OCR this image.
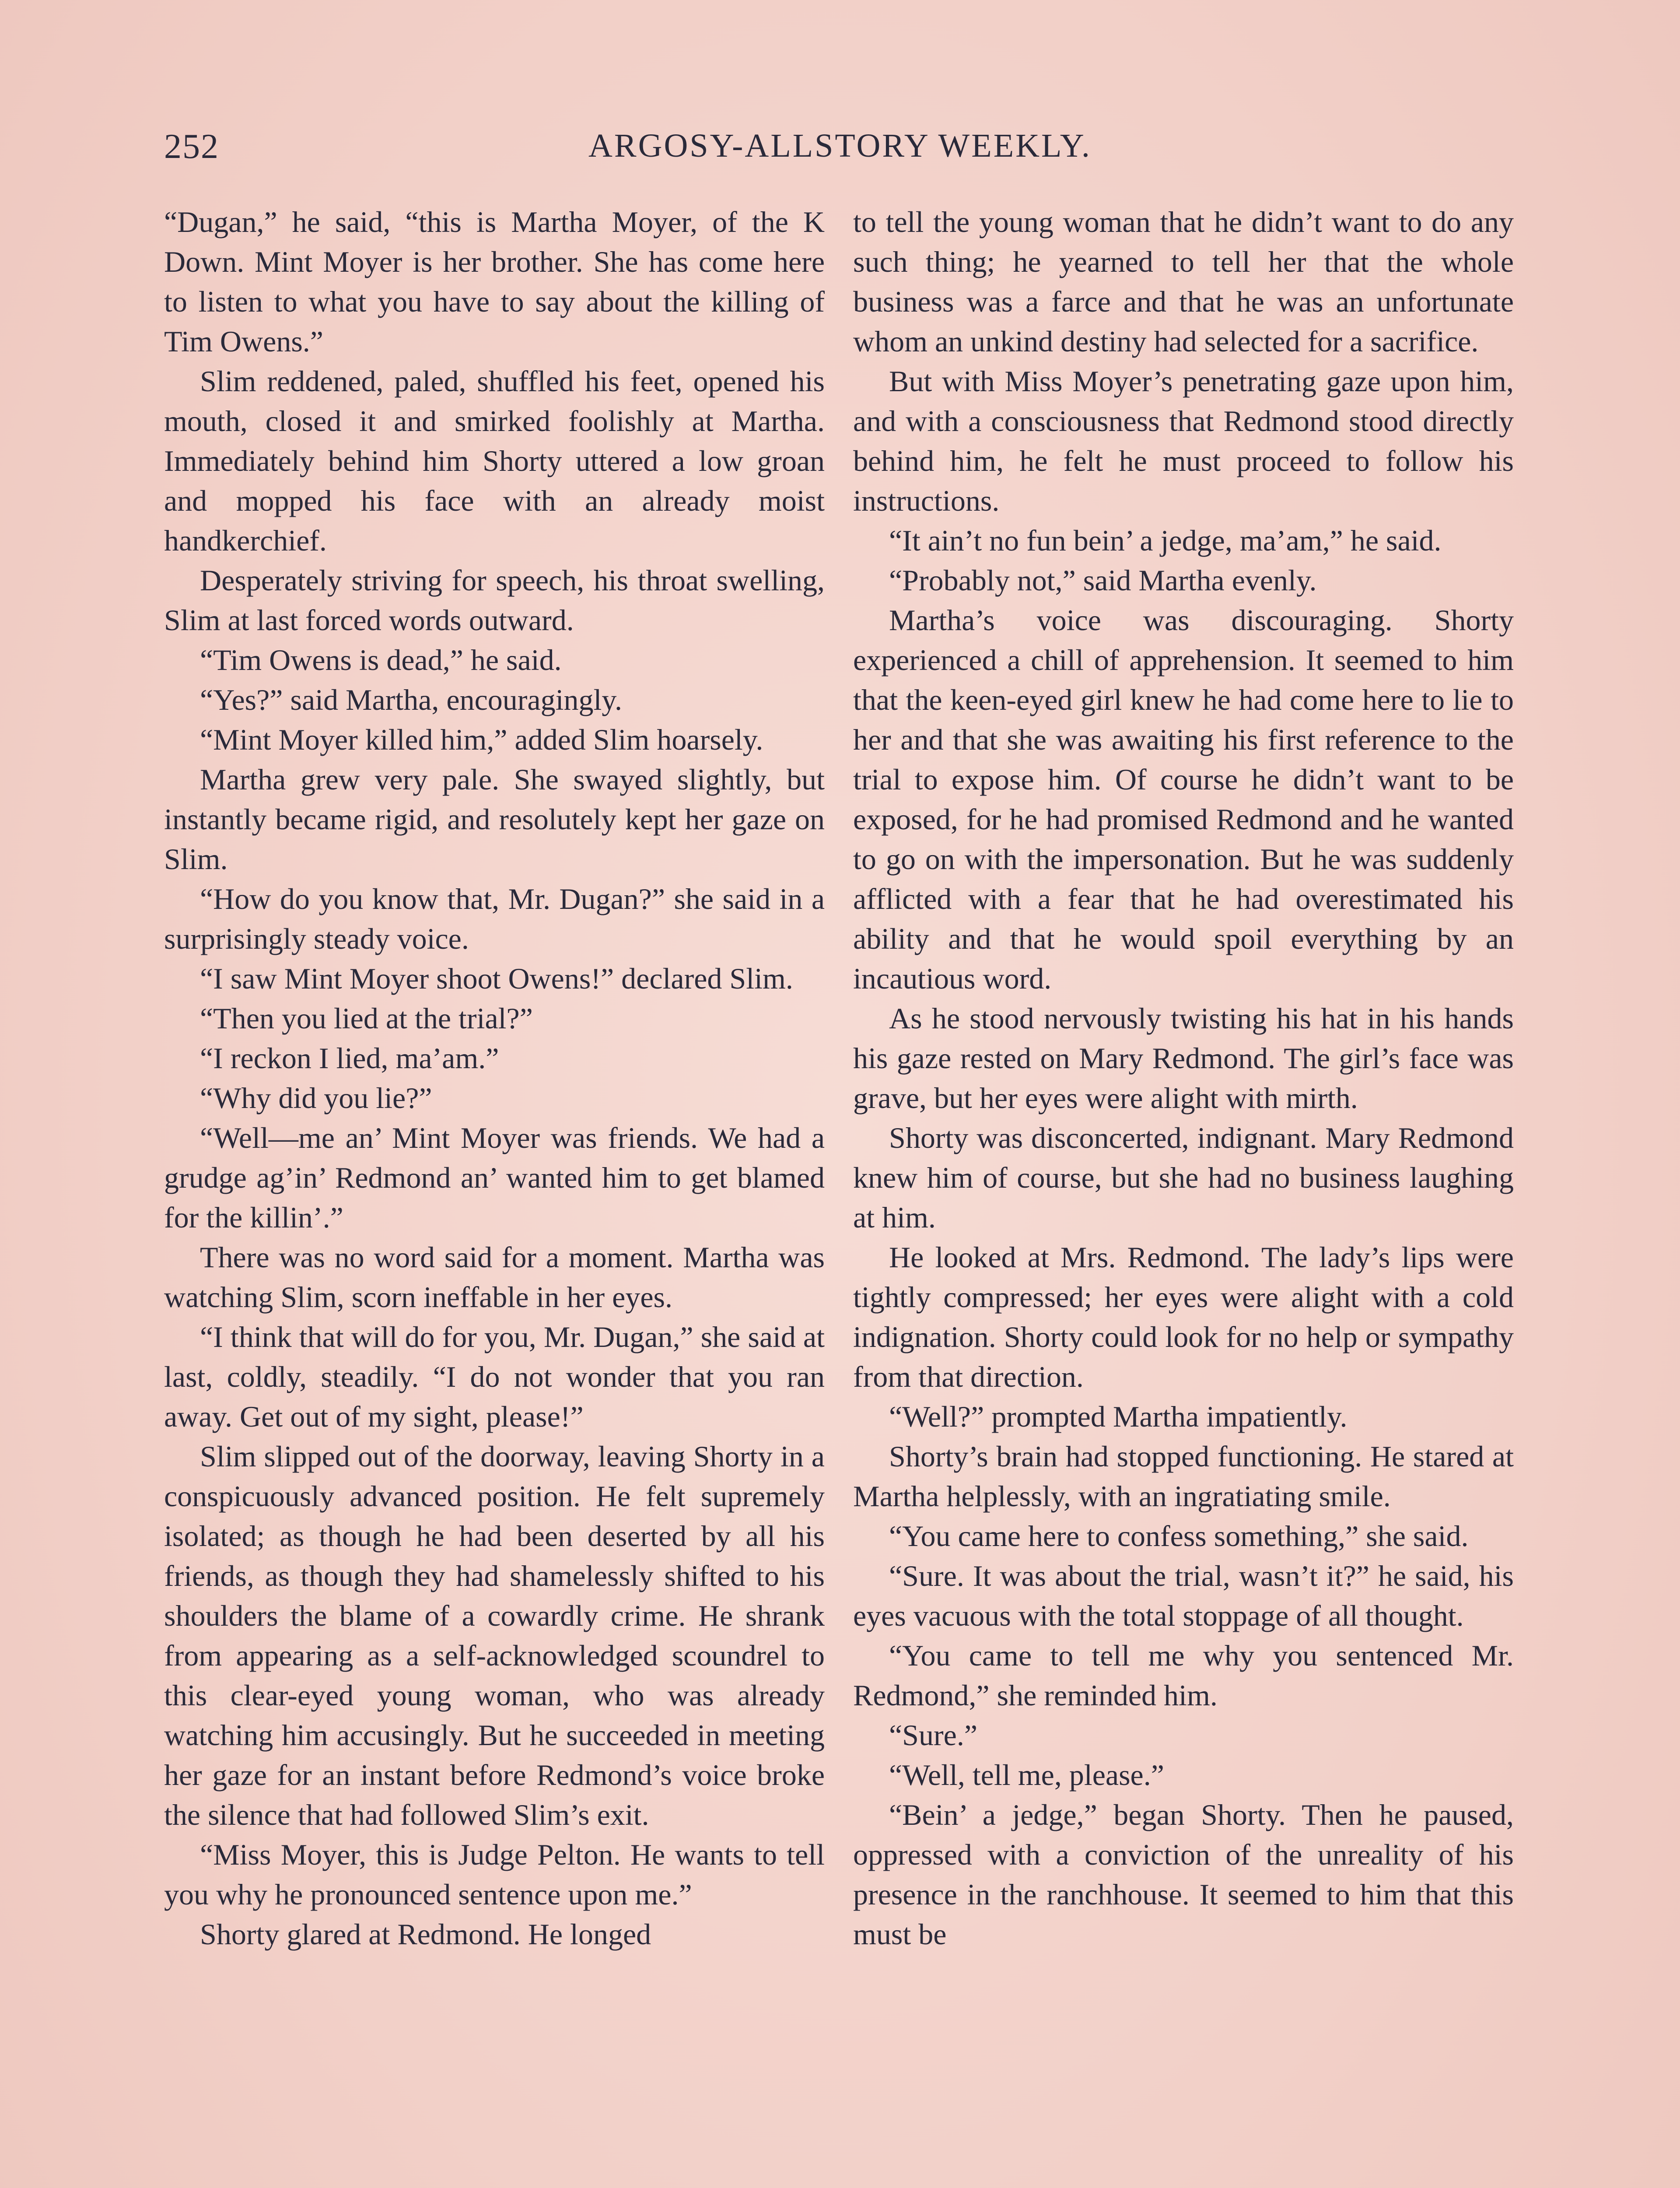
252	ARGOSY-ALLSTORY WEEKLY.

“Dugan,” he said, “this is Martha Moyer, of the K Down. Mint Moyer is her brother. She has come here to listen to what you have to say about the killing of Tim Owens.”

Slim reddened, paled, shuffled his feet, opened his mouth, closed it and smirked foolishly at Martha. Immediately behind him Shorty uttered a low groan and mopped his face with an already moist handkerchief.

Desperately striving for speech, his throat swelling, Slim at last forced words outward.

“Tim Owens is dead,” he said.

“Yes?” said Martha, encouragingly.

“Mint Moyer killed him,” added Slim hoarsely.

Martha grew very pale. She swayed slightly, but instantly became rigid, and resolutely kept her gaze on Slim.

“How do you know that, Mr. Dugan?” she said in a surprisingly steady voice.

“I saw Mint Moyer shoot Owens!” declared Slim.

“Then you lied at the trial?”

“I reckon I lied, ma’am.”

“Why did you lie?”

“Well—me an’ Mint Moyer was friends. We had a grudge ag’in’ Redmond an’ wanted him to get blamed for the killin’.”

There was no word said for a moment. Martha was watching Slim, scorn ineffable in her eyes.

“I think that will do for you, Mr. Dugan,” she said at last, coldly, steadily. “I do not wonder that you ran away. Get out of my sight, please!”

Slim slipped out of the doorway, leaving Shorty in a conspicuously advanced position. He felt supremely isolated; as though he had been deserted by all his friends, as though they had shamelessly shifted to his shoulders the blame of a cowardly crime. He shrank from appearing as a self-acknowledged scoundrel to this clear-eyed young woman, who was already watching him accusingly. But he succeeded in meeting her gaze for an instant before Redmond’s voice broke the silence that had followed Slim’s exit.

“Miss Moyer, this is Judge Pelton. He wants to tell you why he pronounced sentence upon me.”

Shorty glared at Redmond. He longed

to tell the young woman that he didn’t want to do any such thing; he yearned to tell her that the whole business was a farce and that he was an unfortunate whom an unkind destiny had selected for a sacrifice.

But with Miss Moyer’s penetrating gaze upon him, and with a consciousness that Redmond stood directly behind him, he felt he must proceed to follow his instructions.

“It ain’t no fun bein’ a jedge, ma’am,” he said.

“Probably not,” said Martha evenly.

Martha’s voice was discouraging. Shorty experienced a chill of apprehension. It seemed to him that the keen-eyed girl knew he had come here to lie to her and that she was awaiting his first reference to the trial to expose him. Of course he didn’t want to be exposed, for he had promised Redmond and he wanted to go on with the impersonation. But he was suddenly afflicted with a fear that he had overestimated his ability and that he would spoil everything by an incautious word.

As he stood nervously twisting his hat in his hands his gaze rested on Mary Redmond. The girl’s face was grave, but her eyes were alight with mirth.

Shorty was disconcerted, indignant. Mary Redmond knew him of course, but she had no business laughing at him.

He looked at Mrs. Redmond. The lady’s lips were tightly compressed; her eyes were alight with a cold indignation. Shorty could look for no help or sympathy from that direction.

“Well?” prompted Martha impatiently.

Shorty’s brain had stopped functioning. He stared at Martha helplessly, with an ingratiating smile.

“You came here to confess something,” she said.

“Sure. It was about the trial, wasn’t it?” he said, his eyes vacuous with the total stoppage of all thought.

“You came to tell me why you sentenced Mr. Redmond,” she reminded him.

“Sure.”

“Well, tell me, please.”

“Bein’ a jedge,” began Shorty. Then he paused, oppressed with a conviction of the unreality of his presence in the ranchhouse. It seemed to him that this must be
